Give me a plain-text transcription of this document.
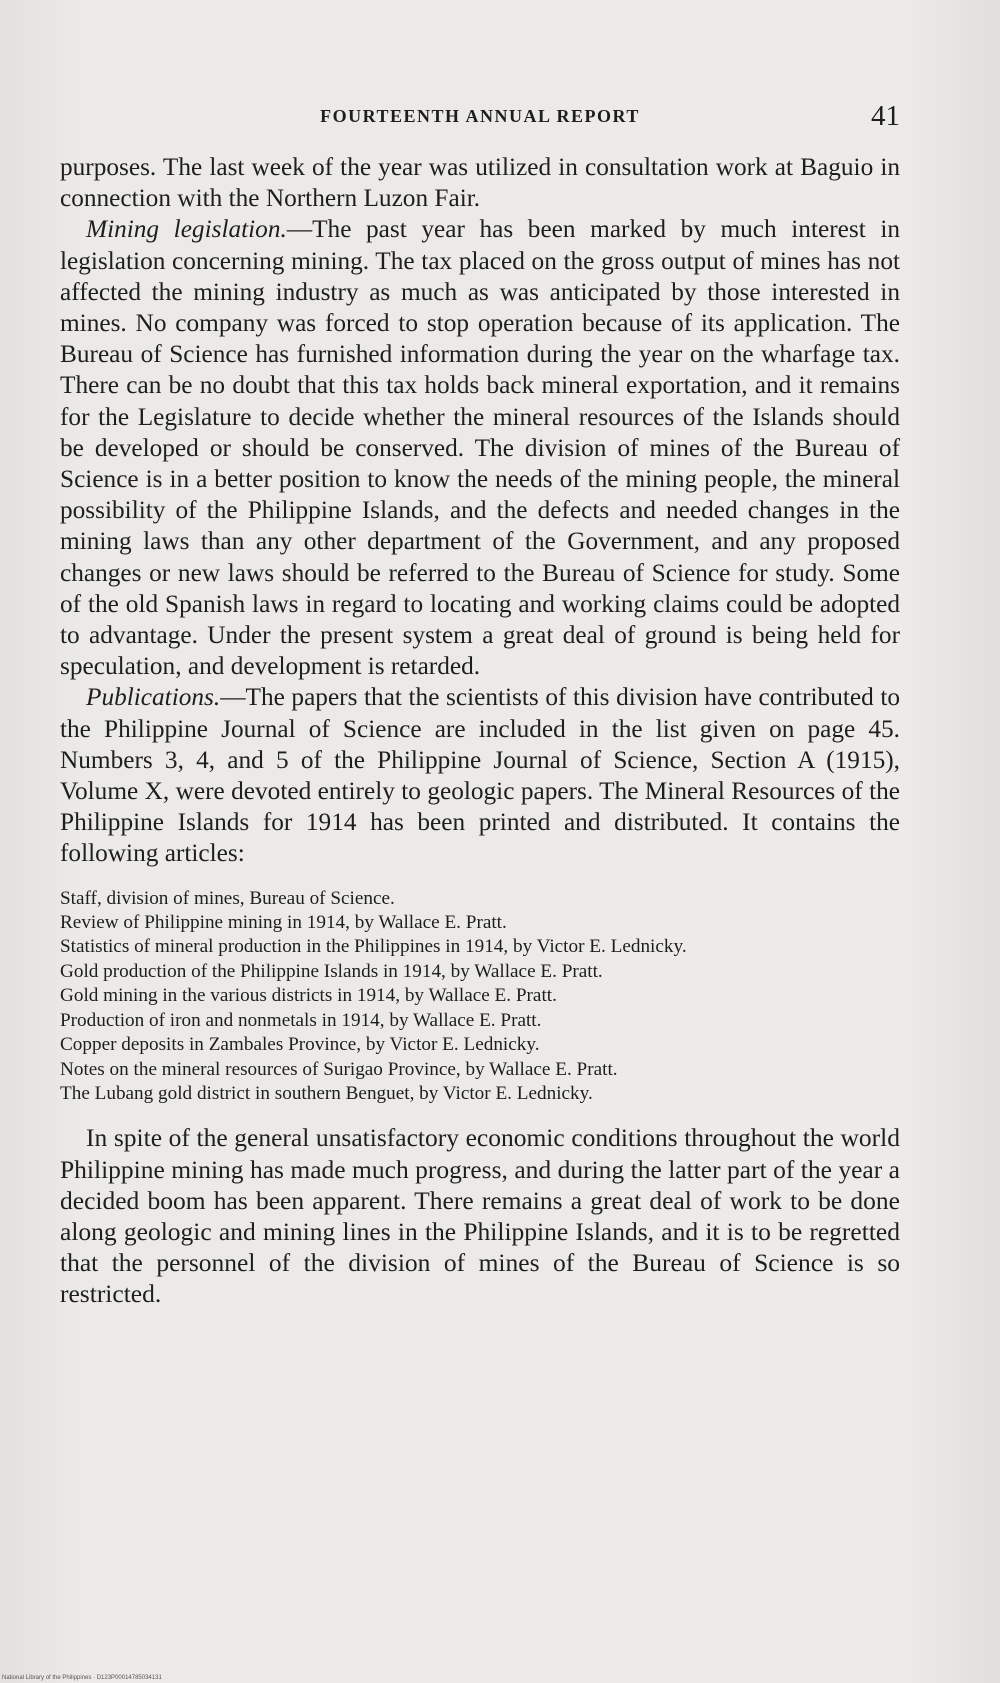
FOURTEENTH ANNUAL REPORT	41

purposes. The last week of the year was utilized in consultation work at Baguio in connection with the Northern Luzon Fair.

Mining legislation.—The past year has been marked by much interest in legislation concerning mining. The tax placed on the gross output of mines has not affected the mining industry as much as was anticipated by those interested in mines. No company was forced to stop operation because of its application. The Bureau of Science has furnished information during the year on the wharfage tax. There can be no doubt that this tax holds back mineral exportation, and it remains for the Legislature to decide whether the mineral resources of the Islands should be developed or should be conserved. The division of mines of the Bureau of Science is in a better position to know the needs of the mining people, the mineral possibility of the Philippine Islands, and the defects and needed changes in the mining laws than any other department of the Government, and any proposed changes or new laws should be referred to the Bureau of Science for study. Some of the old Spanish laws in regard to locating and working claims could be adopted to advantage. Under the present system a great deal of ground is being held for speculation, and development is retarded.

Publications.—The papers that the scientists of this division have contributed to the Philippine Journal of Science are included in the list given on page 45. Numbers 3, 4, and 5 of the Philippine Journal of Science, Section A (1915), Volume X, were devoted entirely to geologic papers. The Mineral Resources of the Philippine Islands for 1914 has been printed and distributed. It contains the following articles:

Staff, division of mines, Bureau of Science.
Review of Philippine mining in 1914, by Wallace E. Pratt.
Statistics of mineral production in the Philippines in 1914, by Victor E. Lednicky.
Gold production of the Philippine Islands in 1914, by Wallace E. Pratt.
Gold mining in the various districts in 1914, by Wallace E. Pratt.
Production of iron and nonmetals in 1914, by Wallace E. Pratt.
Copper deposits in Zambales Province, by Victor E. Lednicky.
Notes on the mineral resources of Surigao Province, by Wallace E. Pratt.
The Lubang gold district in southern Benguet, by Victor E. Lednicky.

In spite of the general unsatisfactory economic conditions throughout the world Philippine mining has made much progress, and during the latter part of the year a decided boom has been apparent. There remains a great deal of work to be done along geologic and mining lines in the Philippine Islands, and it is to be regretted that the personnel of the division of mines of the Bureau of Science is so restricted.

National Library of the Philippines · D123P00014785034131
